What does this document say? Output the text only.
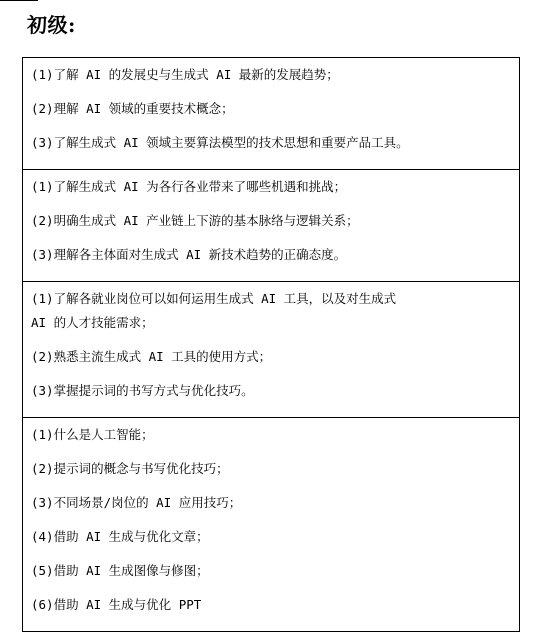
初级:
(1)了解 AI 的发展史与生成式 AI 最新的发展趋势；
(2)理解 AI 领域的重要技术概念；
(3)了解生成式 AI 领域主要算法模型的技术思想和重要产品工具。
(1)了解生成式 AI 为各行各业带来了哪些机遇和挑战；
(2)明确生成式 AI 产业链上下游的基本脉络与逻辑关系；
(3)理解各主体面对生成式 AI 新技术趋势的正确态度。
(1)了解各就业岗位可以如何运用生成式 AI 工具，以及对生成式
AI 的人才技能需求；
(2)熟悉主流生成式 AI 工具的使用方式；
(3)掌握提示词的书写方式与优化技巧。
(1)什么是人工智能；
(2)提示词的概念与书写优化技巧；
(3)不同场景/岗位的 AI 应用技巧；
(4)借助 AI 生成与优化文章；
(5)借助 AI 生成图像与修图；
(6)借助 AI 生成与优化 PPT
